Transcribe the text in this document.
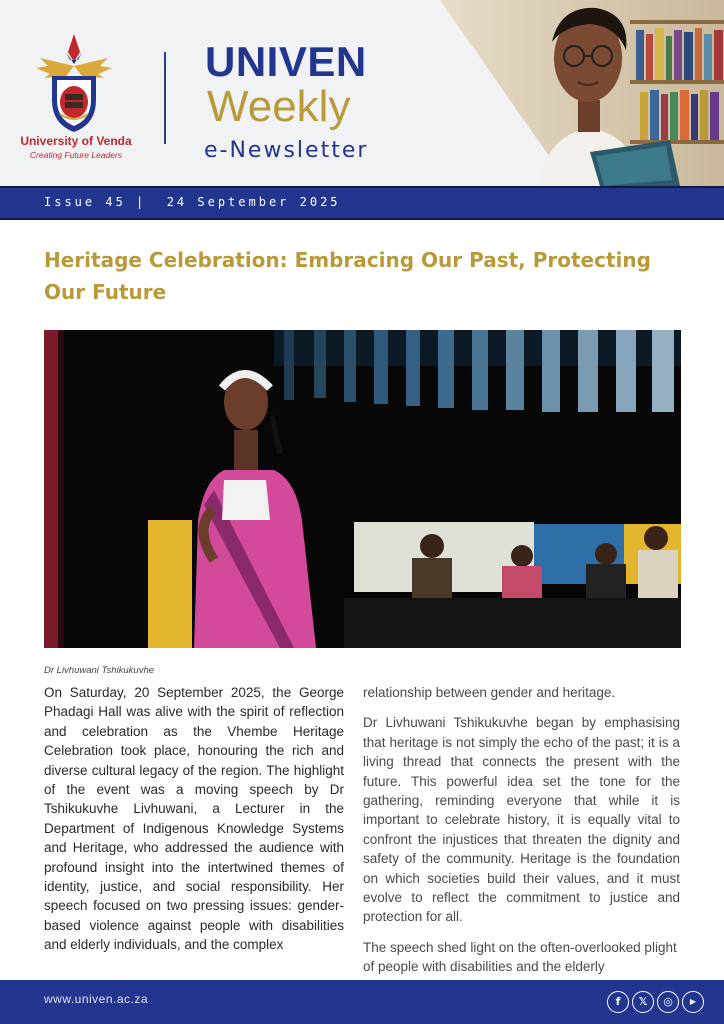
University of Venda
Creating Future Leaders
UNIVEN
Weekly
e-Newsletter
Issue 45 |  24 September 2025
Heritage Celebration: Embracing Our Past, Protecting Our Future
Dr Livhuwani Tshikukuvhe
On Saturday, 20 September 2025, the George Phadagi Hall was alive with the spirit of reflection and celebration as the Vhembe Heritage Celebration took place, honouring the rich and diverse cultural legacy of the region. The highlight of the event was a moving speech by Dr Tshikukuvhe Livhuwani, a Lecturer in the Department of Indigenous Knowledge Systems and Heritage, who addressed the audience with profound insight into the intertwined themes of identity, justice, and social responsibility. Her speech focused on two pressing issues: gender-based violence against people with disabilities and elderly individuals, and the complex

relationship between gender and heritage.

Dr Livhuwani Tshikukuvhe began by emphasising that heritage is not simply the echo of the past; it is a living thread that connects the present with the future. This powerful idea set the tone for the gathering, reminding everyone that while it is important to celebrate history, it is equally vital to confront the injustices that threaten the dignity and safety of the community. Heritage is the foundation on which societies build their values, and it must evolve to reflect the commitment to justice and protection for all.

The speech shed light on the often-overlooked plight of people with disabilities and the elderly

www.univen.ac.za	f	𝕏	◎	▶
